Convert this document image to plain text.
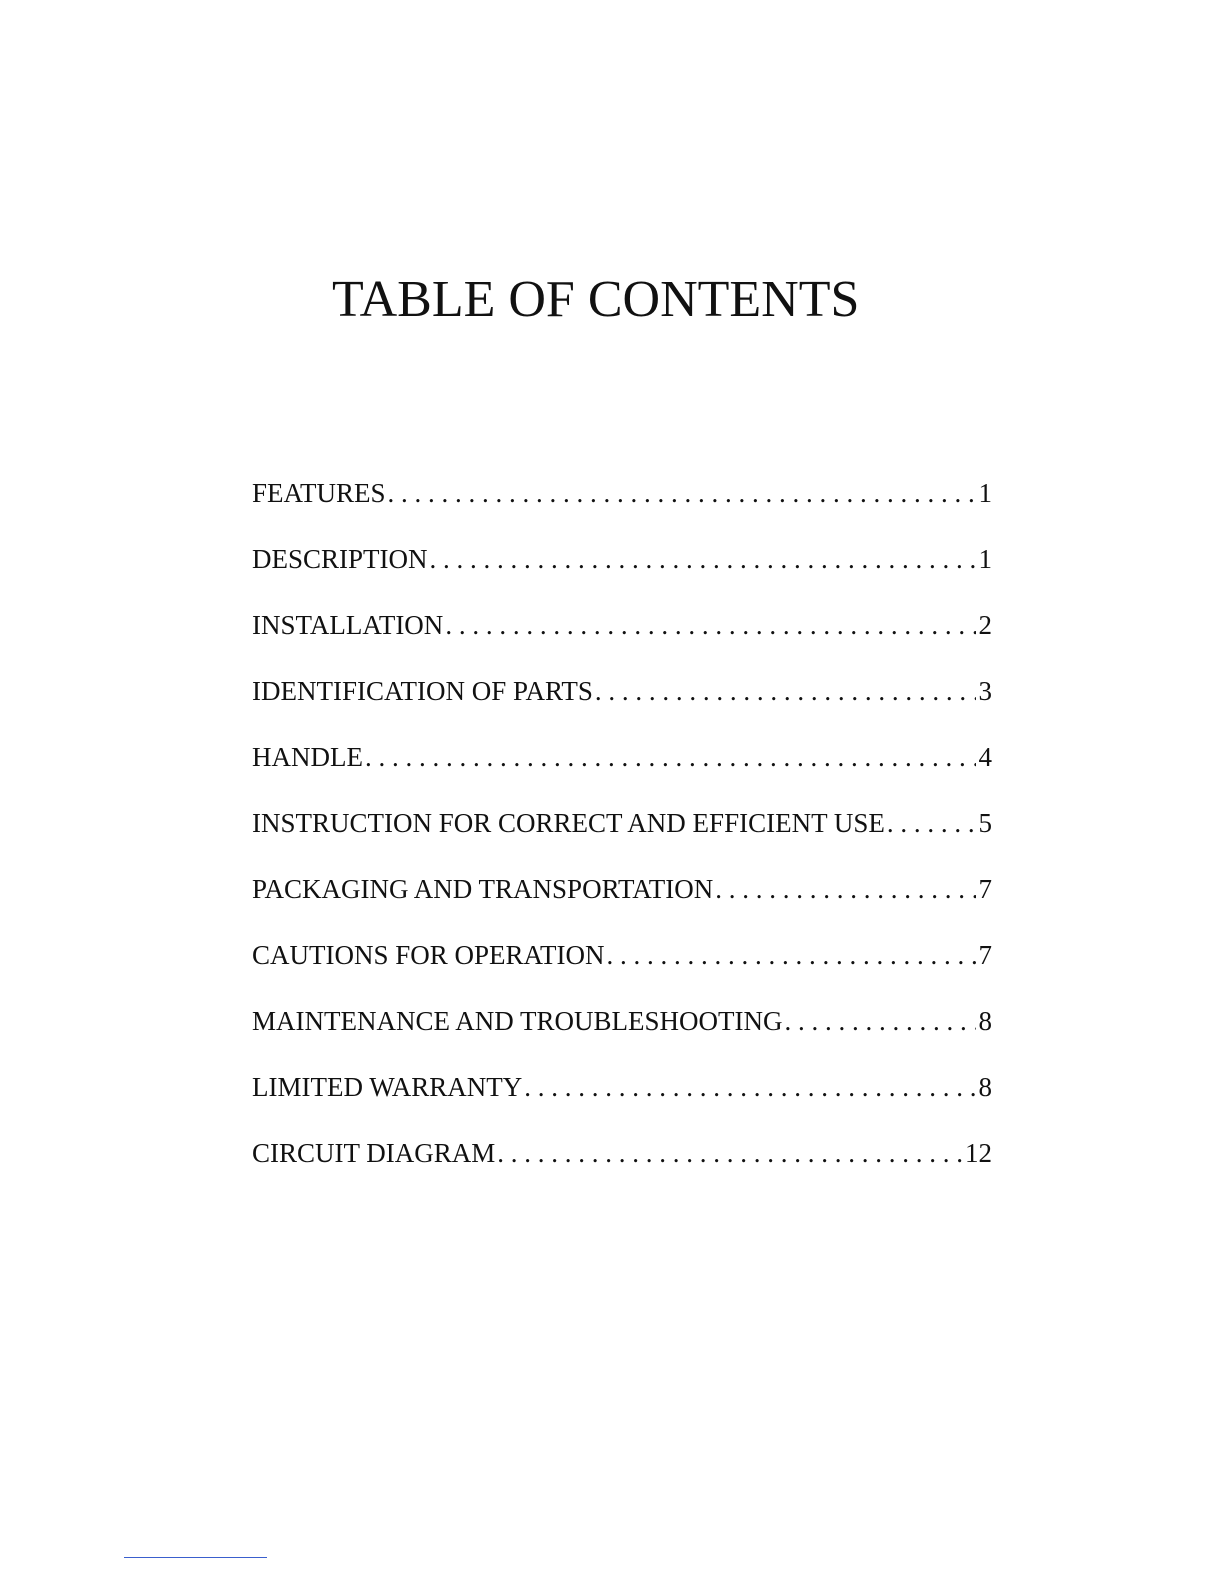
TABLE OF CONTENTS
FEATURES . . .	1
DESCRIPTION . . .	1
INSTALLATION . . .	2
IDENTIFICATION OF PARTS . . .	3
HANDLE . . .	4
INSTRUCTION FOR CORRECT AND EFFICIENT USE . . .	5
PACKAGING AND TRANSPORTATION . . .	7
CAUTIONS FOR OPERATION . . .	7
MAINTENANCE AND TROUBLESHOOTING . . .	8
LIMITED WARRANTY . . .	8
CIRCUIT DIAGRAM . . .	12
